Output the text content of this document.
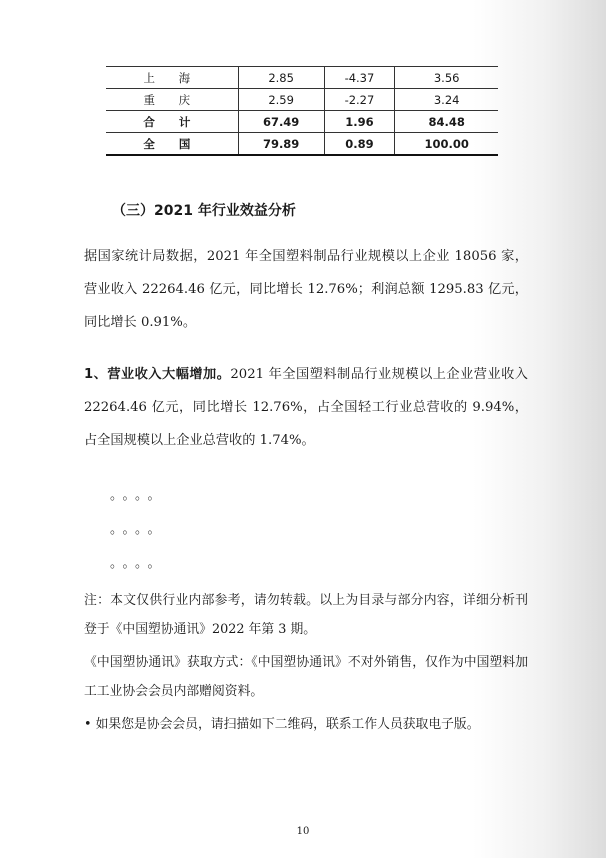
上 海	2.85	-4.37	3.56
重 庆	2.59	-2.27	3.24
合 计	67.49	1.96	84.48
全 国	79.89	0.89	100.00
（三）2021 年行业效益分析

据国家统计局数据，2021 年全国塑料制品行业规模以上企业 18056 家，营业收入 22264.46 亿元，同比增长 12.76%；利润总额 1295.83 亿元，同比增长 0.91%。

1、营业收入大幅增加。2021 年全国塑料制品行业规模以上企业营业收入 22264.46 亿元，同比增长 12.76%，占全国轻工行业总营收的 9.94%，占全国规模以上企业总营收的 1.74%。

。。。。

。。。。

。。。。

注：本文仅供行业内部参考，请勿转载。以上为目录与部分内容，详细分析刊登于《中国塑协通讯》2022 年第 3 期。

《中国塑协通讯》获取方式：《中国塑协通讯》不对外销售，仅作为中国塑料加工工业协会会员内部赠阅资料。

• 如果您是协会会员，请扫描如下二维码，联系工作人员获取电子版。

10
